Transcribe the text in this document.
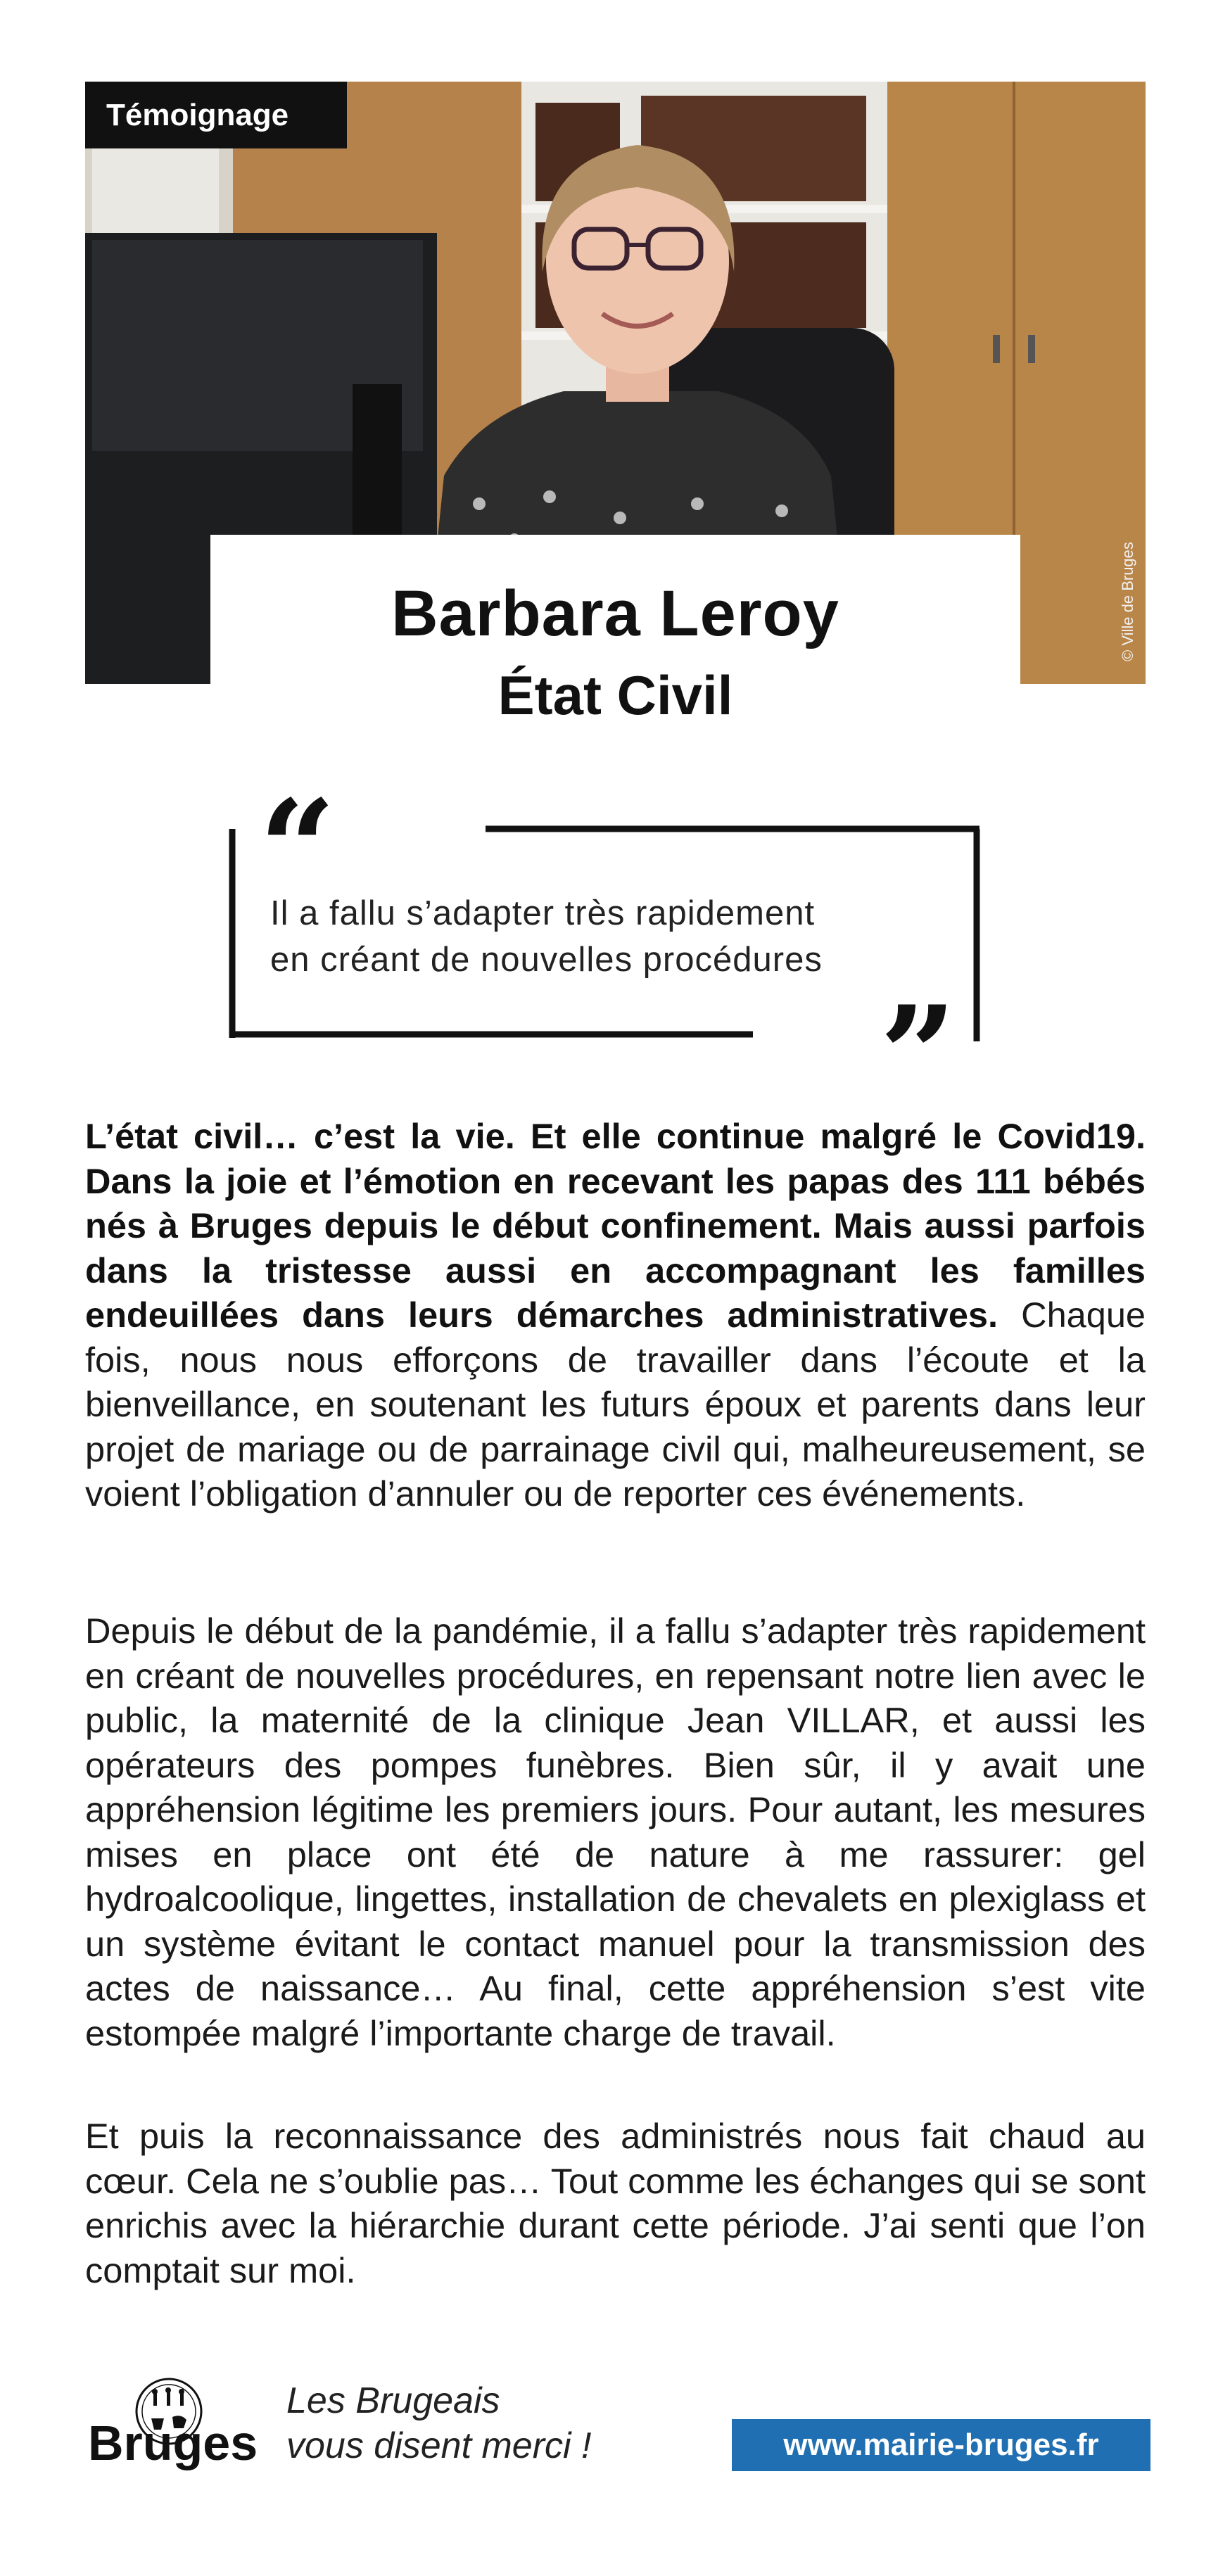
Témoignage
© Ville de Bruges
Barbara Leroy
État Civil
“
”
Il a fallu s’adapter très rapidement
en créant de nouvelles procédures

L’état civil… c’est la vie. Et elle continue malgré le Covid19. Dans la joie et l’émotion en recevant les papas des 111 bébés nés à Bruges depuis le début confinement. Mais aussi parfois dans la tristesse aussi en accompagnant les familles endeuillées dans leurs démarches administratives. Chaque fois, nous nous efforçons de travailler dans l’écoute et la bienveillance, en soutenant les futurs époux et parents dans leur projet de mariage ou de parrainage civil qui, malheureusement, se voient l’obligation d’annuler ou de reporter ces événements.

Depuis le début de la pandémie, il a fallu s’adapter très rapidement en créant de nouvelles procédures, en repensant notre lien avec le public, la maternité de la clinique Jean VILLAR, et aussi les opérateurs des pompes funèbres. Bien sûr, il y avait une appréhension légitime les premiers jours. Pour autant, les mesures mises en place ont été de nature à me rassurer: gel hydroalcoolique, lingettes, installation de chevalets en plexiglass et un système évitant le contact manuel pour la transmission des actes de naissance… Au final, cette appréhension s’est vite estompée malgré l’importante charge de travail.

Et puis la reconnaissance des administrés nous fait chaud au cœur. Cela ne s’oublie pas… Tout comme les échanges qui se sont enrichis avec la hiérarchie durant cette période. J’ai senti que l’on comptait sur moi.

Bruges
Les Brugeais
vous disent merci !	www.mairie-bruges.fr
